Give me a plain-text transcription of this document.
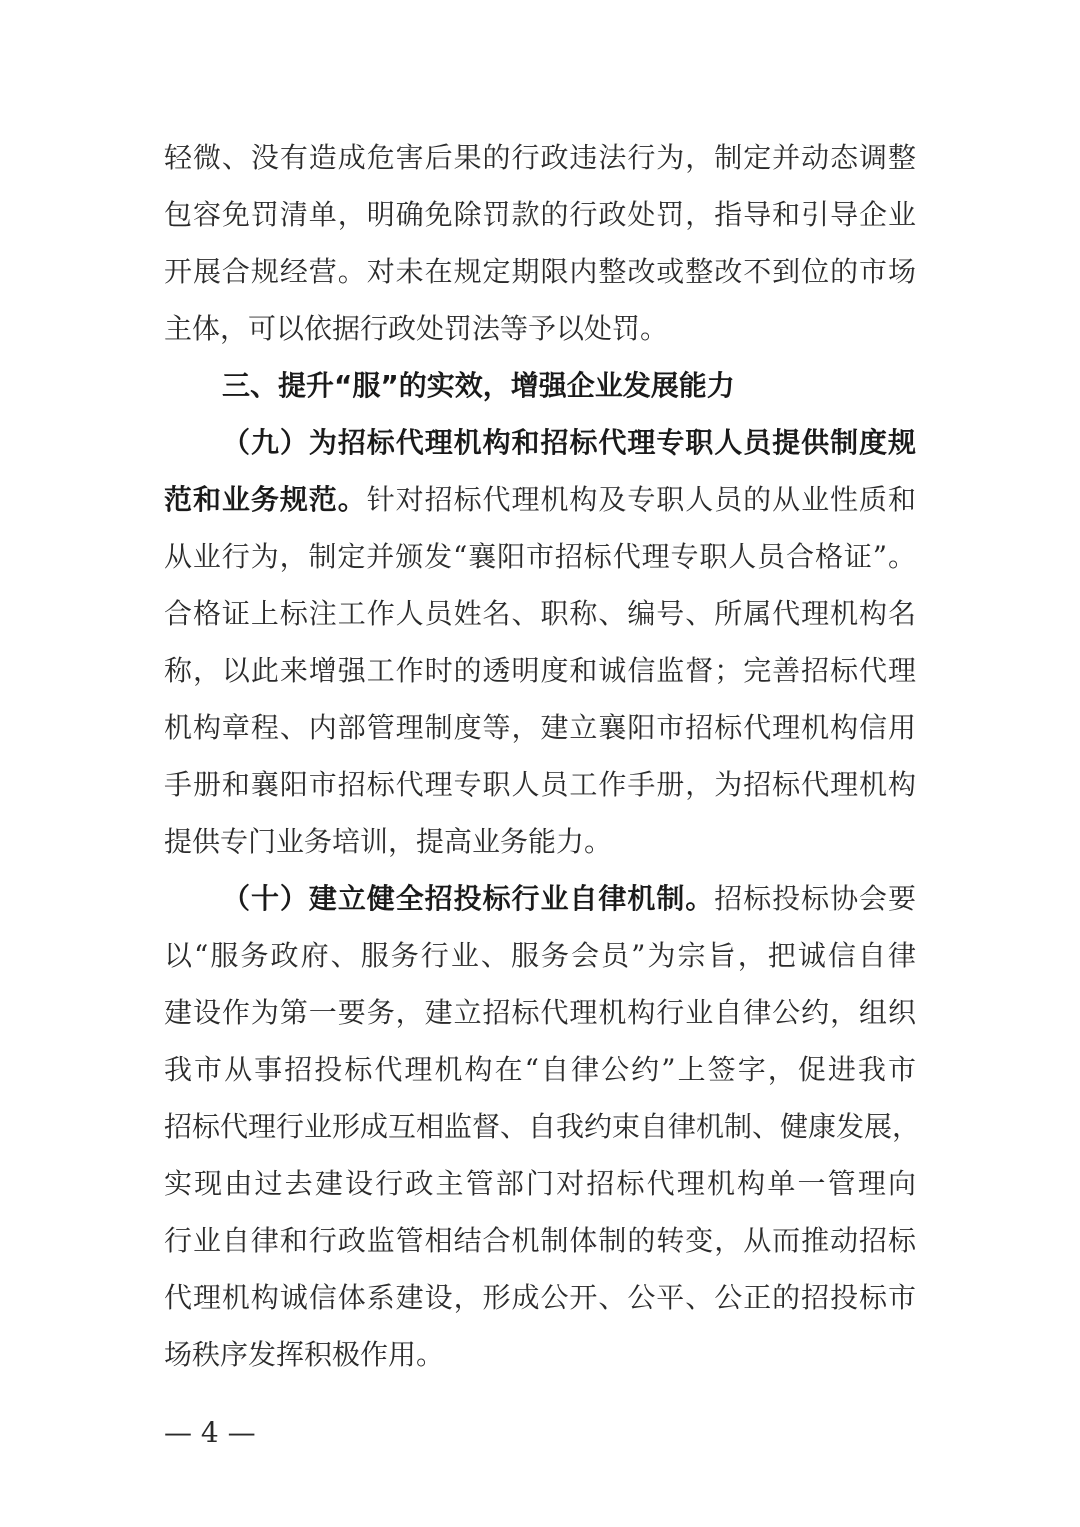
轻微、没有造成危害后果的行政违法行为，制定并动态调整
包容免罚清单，明确免除罚款的行政处罚，指导和引导企业
开展合规经营。对未在规定期限内整改或整改不到位的市场
主体，可以依据行政处罚法等予以处罚。
三、提升“服”的实效，增强企业发展能力
（九）为招标代理机构和招标代理专职人员提供制度规
范和业务规范。针对招标代理机构及专职人员的从业性质和
从业行为，制定并颁发“襄阳市招标代理专职人员合格证”。
合格证上标注工作人员姓名、职称、编号、所属代理机构名
称，以此来增强工作时的透明度和诚信监督；完善招标代理
机构章程、内部管理制度等，建立襄阳市招标代理机构信用
手册和襄阳市招标代理专职人员工作手册，为招标代理机构
提供专门业务培训，提高业务能力。
（十）建立健全招投标行业自律机制。招标投标协会要
以“服务政府、服务行业、服务会员”为宗旨，把诚信自律
建设作为第一要务，建立招标代理机构行业自律公约，组织
我市从事招投标代理机构在“自律公约”上签字，促进我市
招标代理行业形成互相监督、自我约束自律机制、健康发展，
实现由过去建设行政主管部门对招标代理机构单一管理向
行业自律和行政监管相结合机制体制的转变，从而推动招标
代理机构诚信体系建设，形成公开、公平、公正的招投标市
场秩序发挥积极作用。
— 4 —
